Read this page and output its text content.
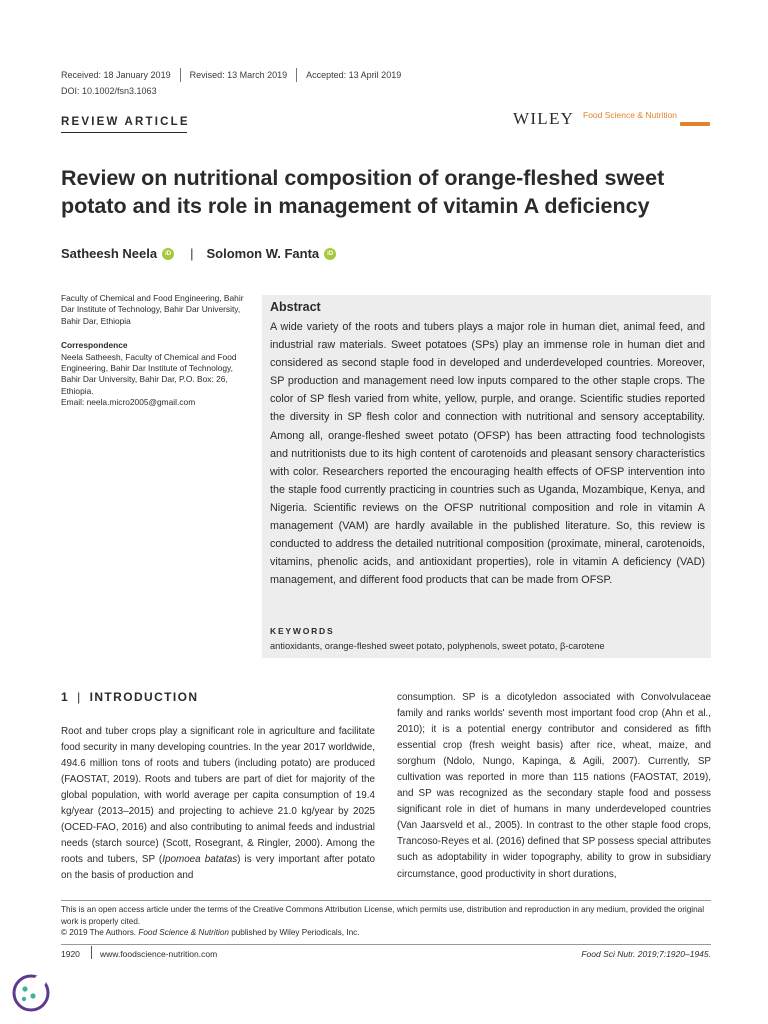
Received: 18 January 2019 Revised: 13 March 2019 Accepted: 13 April 2019
DOI: 10.1002/fsn3.1063
REVIEW ARTICLE	WILEY Food Science & Nutrition
Review on nutritional composition of orange-fleshed sweet potato and its role in management of vitamin A deficiency
Satheesh Neela	iD | Solomon W. Fanta	iD

Faculty of Chemical and Food Engineering, Bahir Dar Institute of Technology, Bahir Dar University, Bahir Dar, Ethiopia

Correspondence

Neela Satheesh, Faculty of Chemical and Food Engineering, Bahir Dar Institute of Technology, Bahir Dar University, Bahir Dar, P.O. Box: 26, Ethiopia.

Email: neela.micro2005@gmail.com

Abstract

A wide variety of the roots and tubers plays a major role in human diet, animal feed, and industrial raw materials. Sweet potatoes (SPs) play an immense role in human diet and considered as second staple food in developed and underdeveloped countries. Moreover, SP production and management need low inputs compared to the other staple crops. The color of SP flesh varied from white, yellow, purple, and orange. Scientific studies reported the diversity in SP flesh color and connection with nutritional and sensory acceptability. Among all, orange-fleshed sweet potato (OFSP) has been attracting food technologists and nutritionists due to its high content of carotenoids and pleasant sensory characteristics with color. Researchers reported the encouraging health effects of OFSP intervention into the staple food currently practicing in countries such as Uganda, Mozambique, Kenya, and Nigeria. Scientific reviews on the OFSP nutritional composition and role in vitamin A management (VAM) are hardly available in the published literature. So, this review is conducted to address the detailed nutritional composition (proximate, mineral, carotenoids, vitamins, phenolic acids, and antioxidant properties), role in vitamin A deficiency (VAD) management, and different food products that can be made from OFSP.

KEYWORDS
antioxidants, orange-fleshed sweet potato, polyphenols, sweet potato, β-carotene
1 | INTRODUCTION

Root and tuber crops play a significant role in agriculture and facilitate food security in many developing countries. In the year 2017 worldwide, 494.6 million tons of roots and tubers (including potato) are produced (FAOSTAT, 2019). Roots and tubers are part of diet for majority of the global population, with world average per capita consumption of 19.4 kg/year (2013–2015) and projecting to achieve 21.0 kg/year by 2025 (OCED-FAO, 2016) and also contributing to animal feeds and industrial needs (starch source) (Scott, Rosegrant, & Ringler, 2000). Among the roots and tubers, SP (Ipomoea batatas) is very important after potato on the basis of production and

consumption. SP is a dicotyledon associated with Convolvulaceae family and ranks worlds' seventh most important food crop (Ahn et al., 2010); it is a potential energy contributor and considered as fifth essential crop (fresh weight basis) after rice, wheat, maize, and sorghum (Ndolo, Nungo, Kapinga, & Agili, 2007). Currently, SP cultivation was reported in more than 115 nations (FAOSTAT, 2019), and SP was recognized as the secondary staple food and possess significant role in diet of humans in many underdeveloped countries (Van Jaarsveld et al., 2005). In contrast to the other staple food crops, Trancoso-Reyes et al. (2016) defined that SP possess special attributes such as adoptability in wider topography, ability to grow in subsidiary circumstance, good productivity in short durations,

This is an open access article under the terms of the Creative Commons Attribution License, which permits use, distribution and reproduction in any medium, provided the original work is properly cited.

© 2019 The Authors. Food Science & Nutrition published by Wiley Periodicals, Inc.

1920 www.foodscience-nutrition.com	Food Sci Nutr. 2019;7:1920–1945.
